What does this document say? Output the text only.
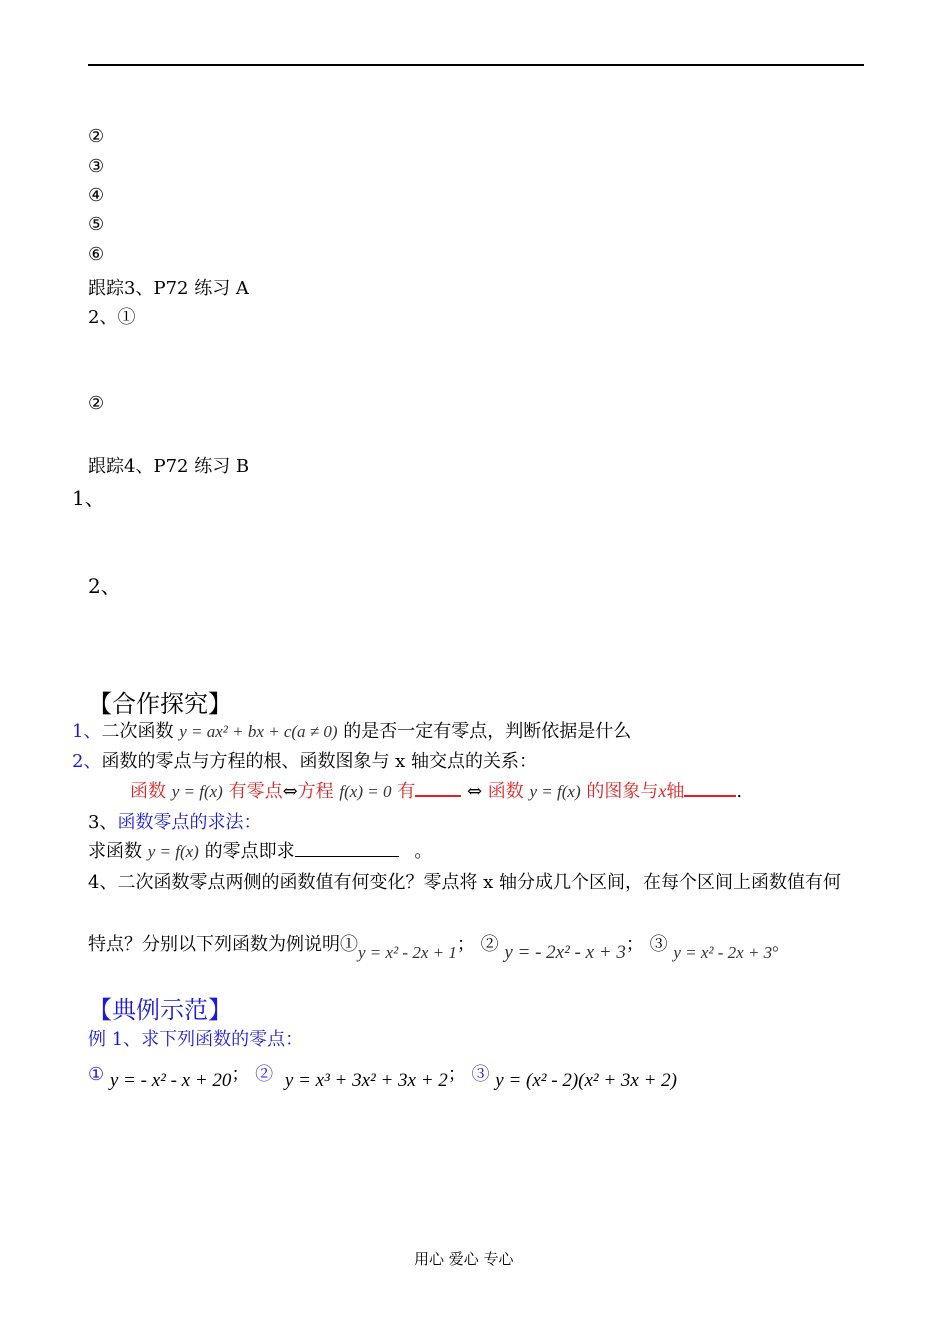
②
③
④
⑤
⑥
跟踪3、P72 练习 A
2、①
②
跟踪4、P72 练习 B
1、
2、
【合作探究】
1、二次函数 y = ax² + bx + c(a ≠ 0) 的是否一定有零点，判断依据是什么
2、函数的零点与方程的根、函数图象与 x 轴交点的关系：
函数 y = f(x) 有零点⇔方程 f(x) = 0 有	⇔ 函数 y = f(x) 的图象与x轴	.
3、函数零点的求法：
求函数 y = f(x) 的零点即求	。
4、二次函数零点两侧的函数值有何变化？零点将 x 轴分成几个区间，在每个区间上函数值有何
特点？分别以下列函数为例说明①y = x² - 2x + 1； ② y = - 2x² - x + 3； ③ y = x² - 2x + 3。
【典例示范】
例 1、求下列函数的零点：
① y = - x² - x + 20； ② y = x³ + 3x² + 3x + 2； ③ y = (x² - 2)(x² + 3x + 2)
用心 爱心 专心
